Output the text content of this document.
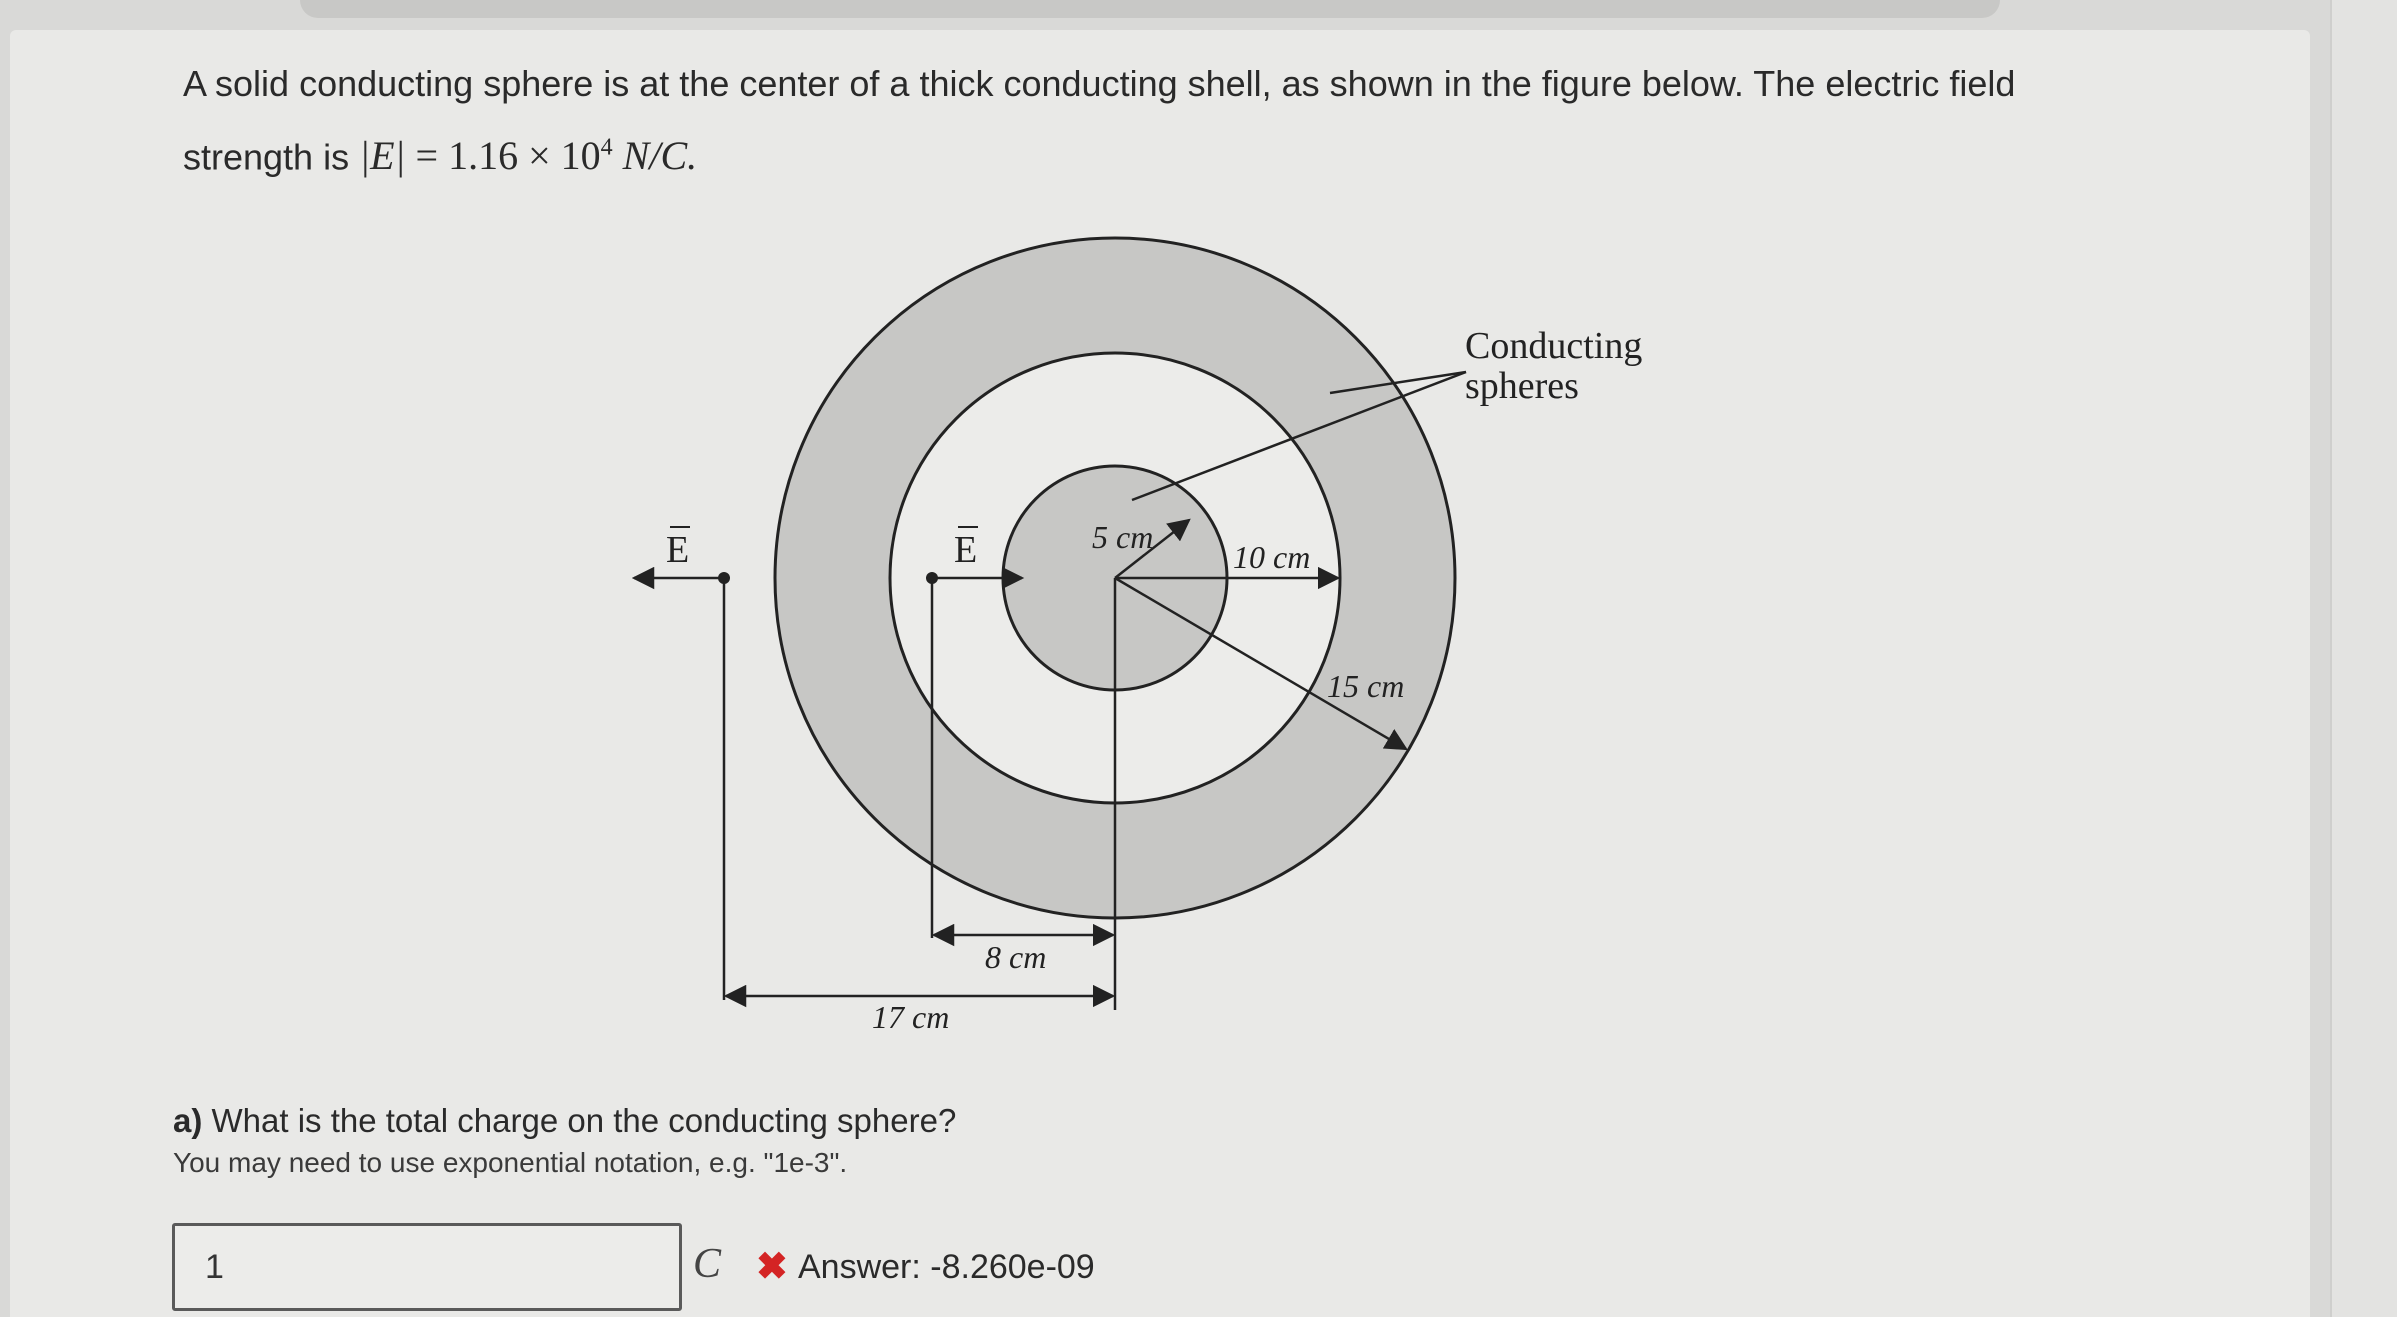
A solid conducting sphere is at the center of a thick conducting shell, as shown in the figure below. The electric field strength is $|E| = 1.16 \times 10^4$ N/C.
Conducting
spheres
5 cm
10 cm
15 cm
E
E
8 cm
17 cm
a) What is the total charge on the conducting sphere?
You may need to use exponential notation, e.g. "1e-3".
1	C ✖ Answer: -8.260e-09
